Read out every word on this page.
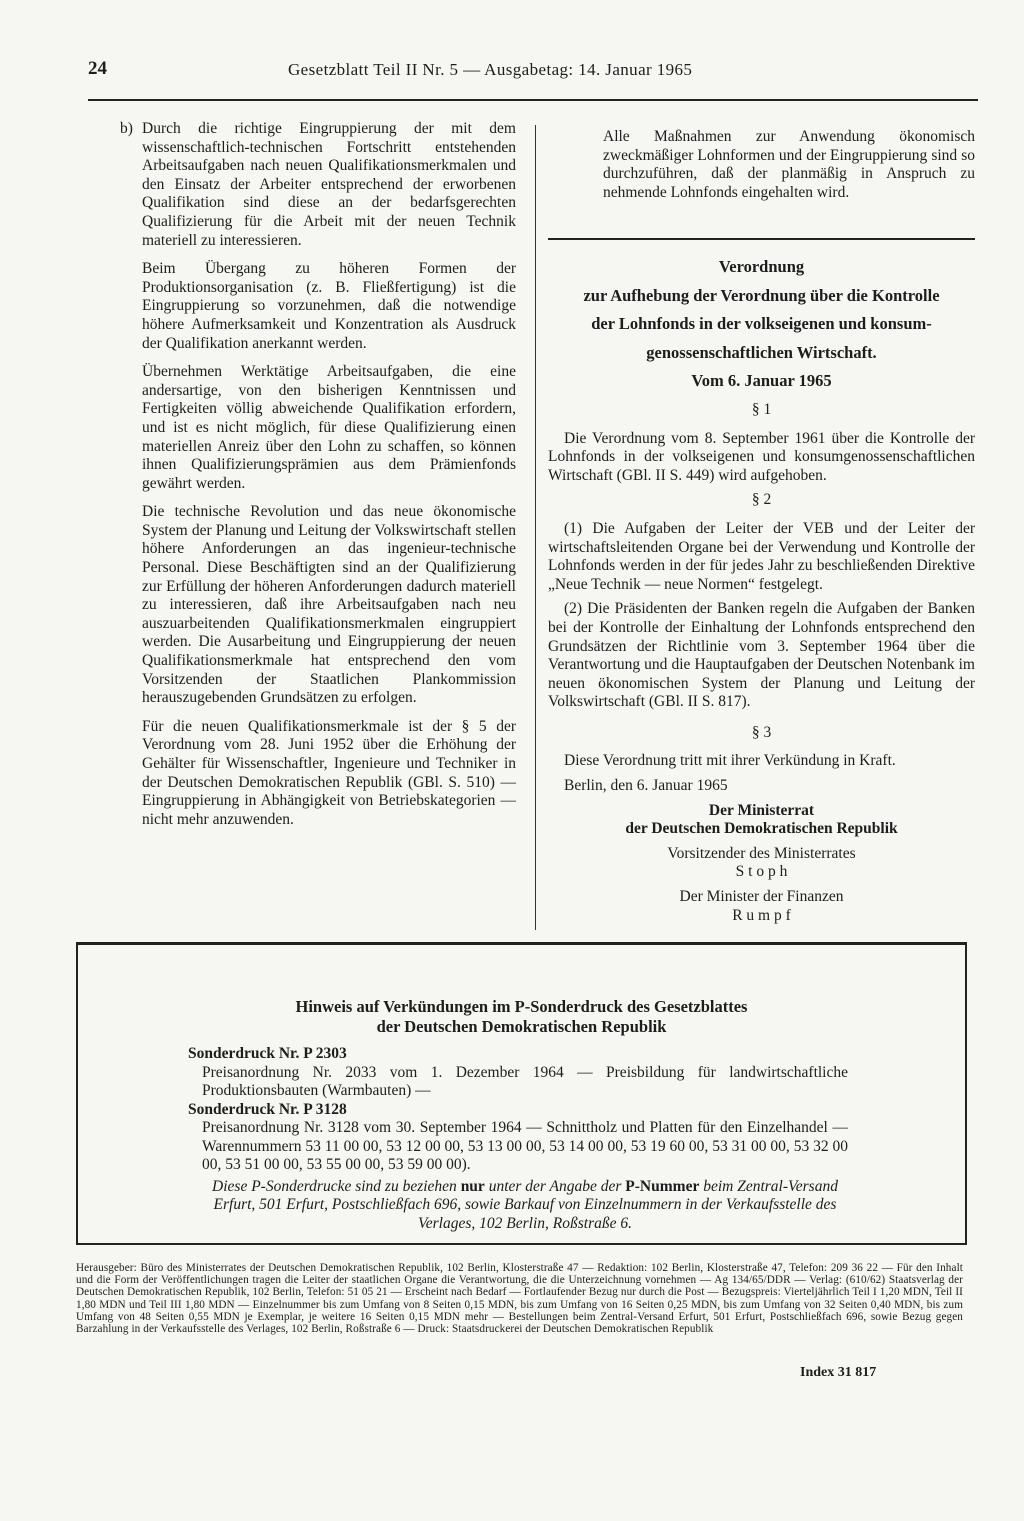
24	Gesetzblatt Teil II Nr. 5 — Ausgabetag: 14. Januar 1965

b) Durch die richtige Eingruppierung der mit dem wissenschaftlich-technischen Fortschritt entstehenden Arbeitsaufgaben nach neuen Qualifikationsmerkmalen und den Einsatz der Arbeiter entsprechend der erworbenen Qualifikation sind diese an der bedarfsgerechten Qualifizierung für die Arbeit mit der neuen Technik materiell zu interessieren.

Beim Übergang zu höheren Formen der Produktionsorganisation (z. B. Fließfertigung) ist die Eingruppierung so vorzunehmen, daß die notwendige höhere Aufmerksamkeit und Konzentration als Ausdruck der Qualifikation anerkannt werden.

Übernehmen Werktätige Arbeitsaufgaben, die eine andersartige, von den bisherigen Kenntnissen und Fertigkeiten völlig abweichende Qualifikation erfordern, und ist es nicht möglich, für diese Qualifizierung einen materiellen Anreiz über den Lohn zu schaffen, so können ihnen Qualifizierungsprämien aus dem Prämienfonds gewährt werden.

Die technische Revolution und das neue ökonomische System der Planung und Leitung der Volkswirtschaft stellen höhere Anforderungen an das ingenieur-technische Personal. Diese Beschäftigten sind an der Qualifizierung zur Erfüllung der höheren Anforderungen dadurch materiell zu interessieren, daß ihre Arbeitsaufgaben nach neu auszuarbeitenden Qualifikationsmerkmalen eingruppiert werden. Die Ausarbeitung und Eingruppierung der neuen Qualifikationsmerkmale hat entsprechend den vom Vorsitzenden der Staatlichen Plankommission herauszugebenden Grundsätzen zu erfolgen.

Für die neuen Qualifikationsmerkmale ist der § 5 der Verordnung vom 28. Juni 1952 über die Erhöhung der Gehälter für Wissenschaftler, Ingenieure und Techniker in der Deutschen Demokratischen Republik (GBl. S. 510) — Eingruppierung in Abhängigkeit von Betriebskategorien — nicht mehr anzuwenden.

Alle Maßnahmen zur Anwendung ökonomisch zweckmäßiger Lohnformen und der Eingruppierung sind so durchzuführen, daß der planmäßig in Anspruch zu nehmende Lohnfonds eingehalten wird.

Verordnung

zur Aufhebung der Verordnung über die Kontrolle

der Lohnfonds in der volkseigenen und konsum-

genossenschaftlichen Wirtschaft.

Vom 6. Januar 1965

§ 1

Die Verordnung vom 8. September 1961 über die Kontrolle der Lohnfonds in der volkseigenen und konsumgenossenschaftlichen Wirtschaft (GBl. II S. 449) wird aufgehoben.

§ 2

(1) Die Aufgaben der Leiter der VEB und der Leiter der wirtschaftsleitenden Organe bei der Verwendung und Kontrolle der Lohnfonds werden in der für jedes Jahr zu beschließenden Direktive „Neue Technik — neue Normen“ festgelegt.

(2) Die Präsidenten der Banken regeln die Aufgaben der Banken bei der Kontrolle der Einhaltung der Lohnfonds entsprechend den Grundsätzen der Richtlinie vom 3. September 1964 über die Verantwortung und die Hauptaufgaben der Deutschen Notenbank im neuen ökonomischen System der Planung und Leitung der Volkswirtschaft (GBl. II S. 817).

§ 3

Diese Verordnung tritt mit ihrer Verkündung in Kraft.

Berlin, den 6. Januar 1965

Der Ministerrat

der Deutschen Demokratischen Republik

Vorsitzender des Ministerrates

S t o p h

Der Minister der Finanzen

R u m p f

Hinweis auf Verkündungen im P-Sonderdruck des Gesetzblattes
der Deutschen Demokratischen Republik
Sonderdruck Nr. P 2303
Preisanordnung Nr. 2033 vom 1. Dezember 1964 — Preisbildung für landwirtschaftliche Produktionsbauten (Warmbauten) —
Sonderdruck Nr. P 3128
Preisanordnung Nr. 3128 vom 30. September 1964 — Schnittholz und Platten für den Einzelhandel — Warennummern 53 11 00 00, 53 12 00 00, 53 13 00 00, 53 14 00 00, 53 19 60 00, 53 31 00 00, 53 32 00 00, 53 51 00 00, 53 55 00 00, 53 59 00 00).
Diese P-Sonderdrucke sind zu beziehen nur unter der Angabe der P-Nummer beim Zentral-Versand Erfurt, 501 Erfurt, Postschließfach 696, sowie Barkauf von Einzelnummern in der Verkaufsstelle des Verlages, 102 Berlin, Roßstraße 6.
Herausgeber: Büro des Ministerrates der Deutschen Demokratischen Republik, 102 Berlin, Klosterstraße 47 — Redaktion: 102 Berlin, Klosterstraße 47, Telefon: 209 36 22 — Für den Inhalt und die Form der Veröffentlichungen tragen die Leiter der staatlichen Organe die Verantwortung, die die Unterzeichnung vornehmen — Ag 134/65/DDR — Verlag: (610/62) Staatsverlag der Deutschen Demokratischen Republik, 102 Berlin, Telefon: 51 05 21 — Erscheint nach Bedarf — Fortlaufender Bezug nur durch die Post — Bezugspreis: Vierteljährlich Teil I 1,20 MDN, Teil II 1,80 MDN und Teil III 1,80 MDN — Einzelnummer bis zum Umfang von 8 Seiten 0,15 MDN, bis zum Umfang von 16 Seiten 0,25 MDN, bis zum Umfang von 32 Seiten 0,40 MDN, bis zum Umfang von 48 Seiten 0,55 MDN je Exemplar, je weitere 16 Seiten 0,15 MDN mehr — Bestellungen beim Zentral-Versand Erfurt, 501 Erfurt, Postschließfach 696, sowie Bezug gegen Barzahlung in der Verkaufsstelle des Verlages, 102 Berlin, Roßstraße 6 — Druck: Staatsdruckerei der Deutschen Demokratischen Republik
Index 31 817
